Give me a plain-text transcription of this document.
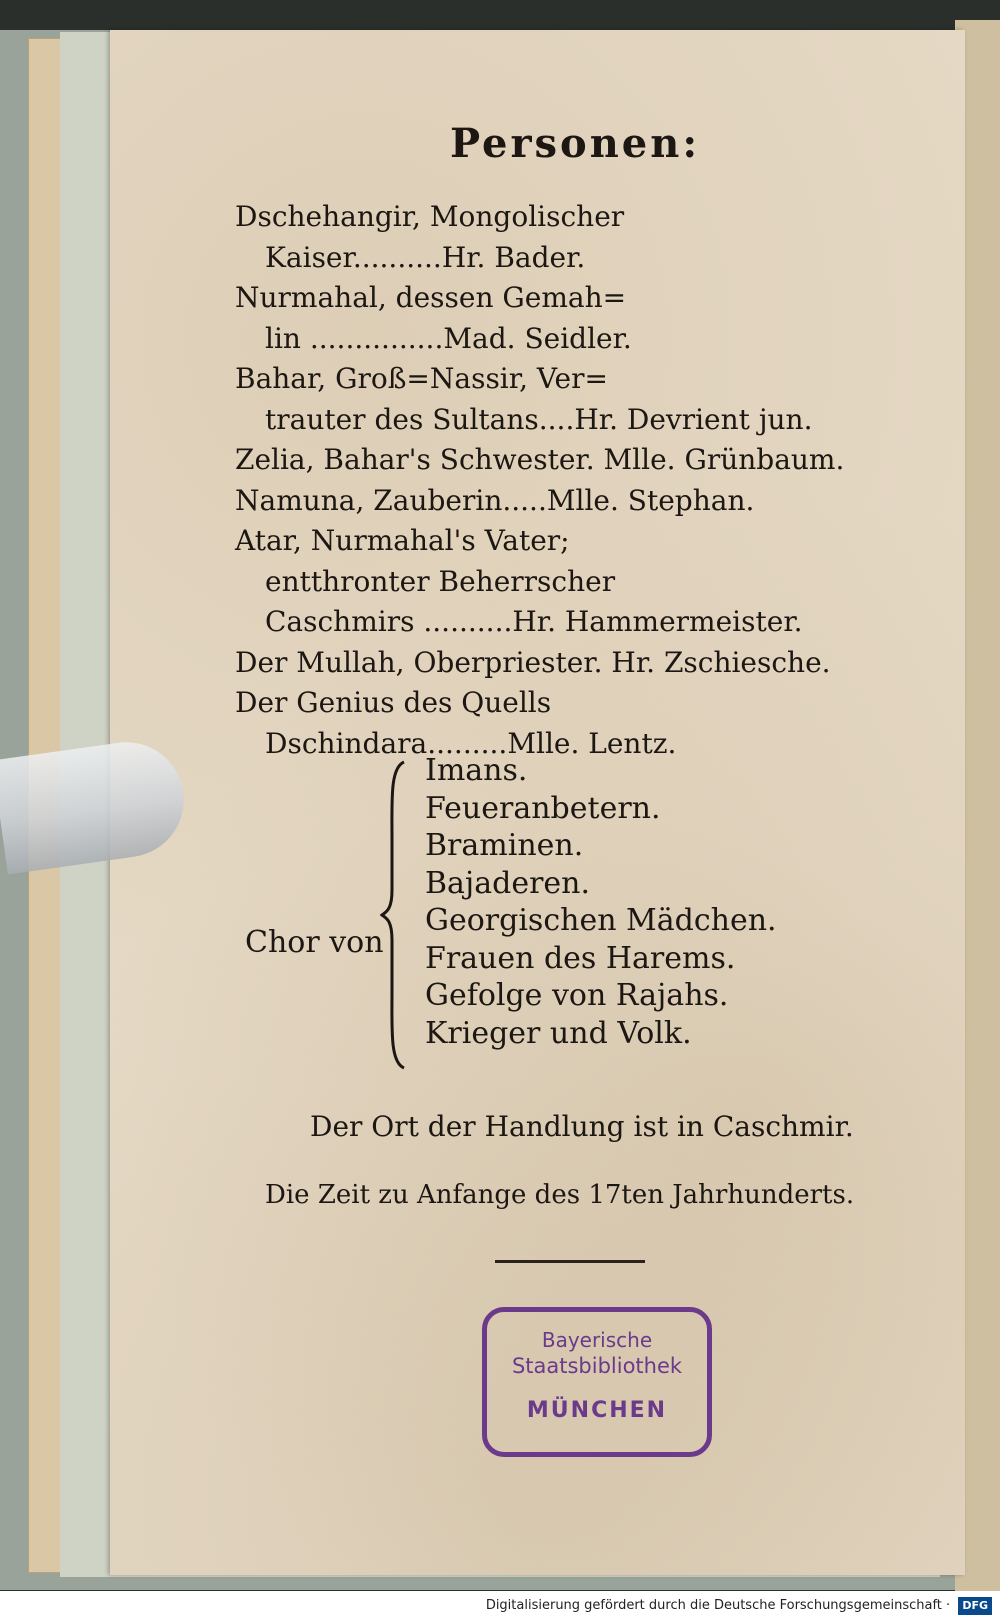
Personen:
Dschehangir, Mongolischer
Kaiser..........Hr. Bader.
Nurmahal, dessen Gemah=
lin ...............Mad. Seidler.
Bahar, Groß=Nassir, Ver=
trauter des Sultans....Hr. Devrient jun.
Zelia, Bahar's Schwester. Mlle. Grünbaum.
Namuna, Zauberin.....Mlle. Stephan.
Atar, Nurmahal's Vater;
entthronter Beherrscher
Caschmirs ..........Hr. Hammermeister.
Der Mullah, Oberpriester. Hr. Zschiesche.
Der Genius des Quells
Dschindara.........Mlle. Lentz.
Chor von
Imans.
Feueranbetern.
Braminen.
Bajaderen.
Georgischen Mädchen.
Frauen des Harems.
Gefolge von Rajahs.
Krieger und Volk.
Der Ort der Handlung ist in Caschmir.
Die Zeit zu Anfange des 17ten Jahrhunderts.
Bayerische
Staatsbibliothek
MÜNCHEN
Digitalisierung gefördert durch die Deutsche Forschungsgemeinschaft · DFG
